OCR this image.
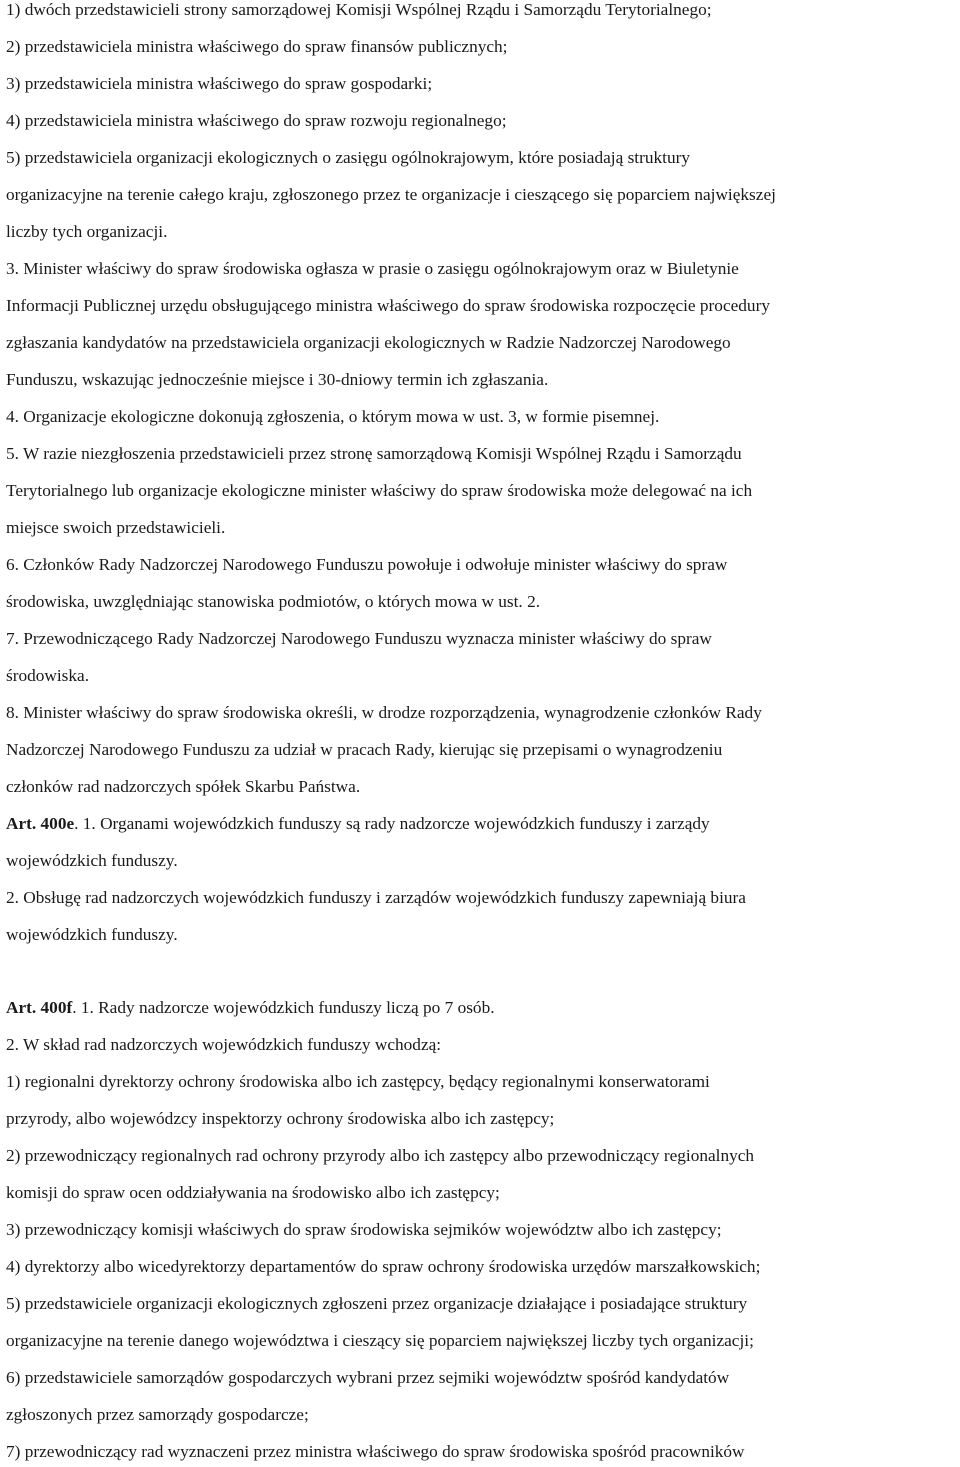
1) dwóch przedstawicieli strony samorządowej Komisji Wspólnej Rządu i Samorządu Terytorialnego;
2) przedstawiciela ministra właściwego do spraw finansów publicznych;
3) przedstawiciela ministra właściwego do spraw gospodarki;
4) przedstawiciela ministra właściwego do spraw rozwoju regionalnego;
5) przedstawiciela organizacji ekologicznych o zasięgu ogólnokrajowym, które posiadają struktury
organizacyjne na terenie całego kraju, zgłoszonego przez te organizacje i cieszącego się poparciem największej
liczby tych organizacji.
3. Minister właściwy do spraw środowiska ogłasza w prasie o zasięgu ogólnokrajowym oraz w Biuletynie
Informacji Publicznej urzędu obsługującego ministra właściwego do spraw środowiska rozpoczęcie procedury
zgłaszania kandydatów na przedstawiciela organizacji ekologicznych w Radzie Nadzorczej Narodowego
Funduszu, wskazując jednocześnie miejsce i 30-dniowy termin ich zgłaszania.
4. Organizacje ekologiczne dokonują zgłoszenia, o którym mowa w ust. 3, w formie pisemnej.
5. W razie niezgłoszenia przedstawicieli przez stronę samorządową Komisji Wspólnej Rządu i Samorządu
Terytorialnego lub organizacje ekologiczne minister właściwy do spraw środowiska może delegować na ich
miejsce swoich przedstawicieli.
6. Członków Rady Nadzorczej Narodowego Funduszu powołuje i odwołuje minister właściwy do spraw
środowiska, uwzględniając stanowiska podmiotów, o których mowa w ust. 2.
7. Przewodniczącego Rady Nadzorczej Narodowego Funduszu wyznacza minister właściwy do spraw
środowiska.
8. Minister właściwy do spraw środowiska określi, w drodze rozporządzenia, wynagrodzenie członków Rady
Nadzorczej Narodowego Funduszu za udział w pracach Rady, kierując się przepisami o wynagrodzeniu
członków rad nadzorczych spółek Skarbu Państwa.
Art. 400e. 1. Organami wojewódzkich funduszy są rady nadzorcze wojewódzkich funduszy i zarządy
wojewódzkich funduszy.
2. Obsługę rad nadzorczych wojewódzkich funduszy i zarządów wojewódzkich funduszy zapewniają biura
wojewódzkich funduszy.
Art. 400f. 1. Rady nadzorcze wojewódzkich funduszy liczą po 7 osób.
2. W skład rad nadzorczych wojewódzkich funduszy wchodzą:
1) regionalni dyrektorzy ochrony środowiska albo ich zastępcy, będący regionalnymi konserwatorami
przyrody, albo wojewódzcy inspektorzy ochrony środowiska albo ich zastępcy;
2) przewodniczący regionalnych rad ochrony przyrody albo ich zastępcy albo przewodniczący regionalnych
komisji do spraw ocen oddziaływania na środowisko albo ich zastępcy;
3) przewodniczący komisji właściwych do spraw środowiska sejmików województw albo ich zastępcy;
4) dyrektorzy albo wicedyrektorzy departamentów do spraw ochrony środowiska urzędów marszałkowskich;
5) przedstawiciele organizacji ekologicznych zgłoszeni przez organizacje działające i posiadające struktury
organizacyjne na terenie danego województwa i cieszący się poparciem największej liczby tych organizacji;
6) przedstawiciele samorządów gospodarczych wybrani przez sejmiki województw spośród kandydatów
zgłoszonych przez samorządy gospodarcze;
7) przewodniczący rad wyznaczeni przez ministra właściwego do spraw środowiska spośród pracowników
